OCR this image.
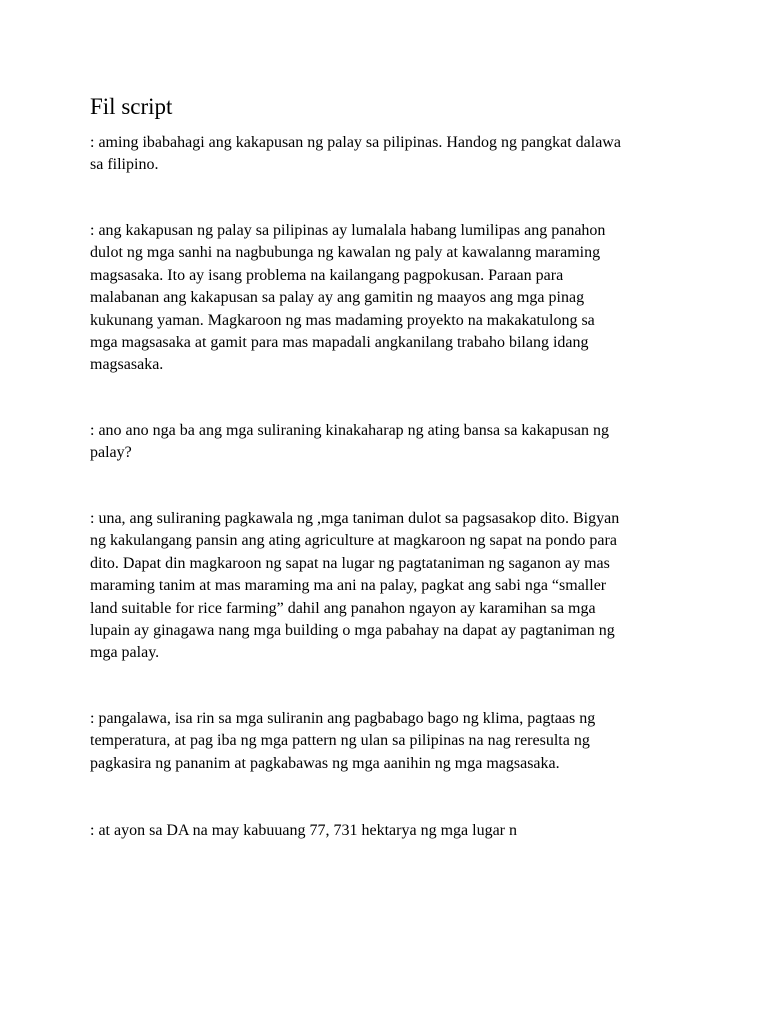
Fil script
: aming ibabahagi ang kakapusan ng palay sa pilipinas. Handog ng pangkat dalawa
sa filipino.
: ang kakapusan ng palay sa pilipinas ay lumalala habang lumilipas ang panahon
dulot ng mga sanhi na nagbubunga ng kawalan ng paly at kawalanng maraming
magsasaka. Ito ay isang problema na kailangang pagpokusan. Paraan para
malabanan ang kakapusan sa palay ay ang gamitin ng maayos ang mga pinag
kukunang yaman. Magkaroon ng mas madaming proyekto na makakatulong sa
mga magsasaka at gamit para mas mapadali angkanilang trabaho bilang idang
magsasaka.
: ano ano nga ba ang mga suliraning kinakaharap ng ating bansa sa kakapusan ng
palay?
: una, ang suliraning pagkawala ng ,mga taniman dulot sa pagsasakop dito. Bigyan
ng kakulangang pansin ang ating agriculture at magkaroon ng sapat na pondo para
dito. Dapat din magkaroon ng sapat na lugar ng pagtataniman ng saganon ay mas
maraming tanim at mas maraming ma ani na palay, pagkat ang sabi nga “smaller
land suitable for rice farming” dahil ang panahon ngayon ay karamihan sa mga
lupain ay ginagawa nang mga building o mga pabahay na dapat ay pagtaniman ng
mga palay.
: pangalawa, isa rin sa mga suliranin ang pagbabago bago ng klima, pagtaas ng
temperatura, at pag iba ng mga pattern ng ulan sa pilipinas na nag reresulta ng
pagkasira ng pananim at pagkabawas ng mga aanihin ng mga magsasaka.
: at ayon sa DA na may kabuuang 77, 731 hektarya ng mga lugar n
